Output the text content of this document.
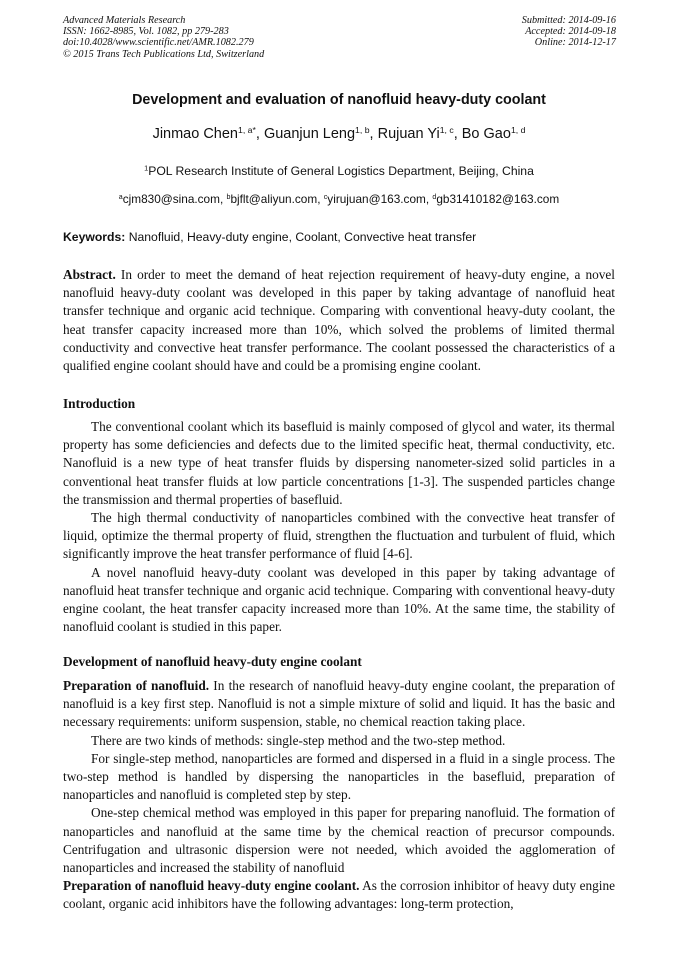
Advanced Materials Research
ISSN: 1662-8985, Vol. 1082, pp 279-283
doi:10.4028/www.scientific.net/AMR.1082.279
© 2015 Trans Tech Publications Ltd, Switzerland
Submitted: 2014-09-16
Accepted: 2014-09-18
Online: 2014-12-17
Development and evaluation of nanofluid heavy-duty coolant
Jinmao Chen$^{1, a*}$, Guanjun Leng$^{1, b}$, Rujuan Yi$^{1, c}$, Bo Gao$^{1, d}$
$^1$POL Research Institute of General Logistics Department, Beijing, China
$^a$cjm830@sina.com, $^b$bjflt@aliyun.com, $^c$yirujuan@163.com, $^d$gb31410182@163.com
Keywords: Nanofluid, Heavy-duty engine, Coolant, Convective heat transfer

Abstract. In order to meet the demand of heat rejection requirement of heavy-duty engine, a novel nanofluid heavy-duty coolant was developed in this paper by taking advantage of nanofluid heat transfer technique and organic acid technique. Comparing with conventional heavy-duty coolant, the heat transfer capacity increased more than 10%, which solved the problems of limited thermal conductivity and convective heat transfer performance. The coolant possessed the characteristics of a qualified engine coolant should have and could be a promising engine coolant.

Introduction

The conventional coolant which its basefluid is mainly composed of glycol and water, its thermal property has some deficiencies and defects due to the limited specific heat, thermal conductivity, etc. Nanofluid is a new type of heat transfer fluids by dispersing nanometer-sized solid particles in a conventional heat transfer fluids at low particle concentrations [1-3]. The suspended particles change the transmission and thermal properties of basefluid.

The high thermal conductivity of nanoparticles combined with the convective heat transfer of liquid, optimize the thermal property of fluid, strengthen the fluctuation and turbulent of fluid, which significantly improve the heat transfer performance of fluid [4-6].

A novel nanofluid heavy-duty coolant was developed in this paper by taking advantage of nanofluid heat transfer technique and organic acid technique. Comparing with conventional heavy-duty engine coolant, the heat transfer capacity increased more than 10%. At the same time, the stability of nanofluid coolant is studied in this paper.

Development of nanofluid heavy-duty engine coolant

Preparation of nanofluid. In the research of nanofluid heavy-duty engine coolant, the preparation of nanofluid is a key first step. Nanofluid is not a simple mixture of solid and liquid. It has the basic and necessary requirements: uniform suspension, stable, no chemical reaction taking place.

There are two kinds of methods: single-step method and the two-step method.

For single-step method, nanoparticles are formed and dispersed in a fluid in a single process. The two-step method is handled by dispersing the nanoparticles in the basefluid, preparation of nanoparticles and nanofluid is completed step by step.

One-step chemical method was employed in this paper for preparing nanofluid. The formation of nanoparticles and nanofluid at the same time by the chemical reaction of precursor compounds. Centrifugation and ultrasonic dispersion were not needed, which avoided the agglomeration of nanoparticles and increased the stability of nanofluid

Preparation of nanofluid heavy-duty engine coolant. As the corrosion inhibitor of heavy duty engine coolant, organic acid inhibitors have the following advantages: long-term protection,
